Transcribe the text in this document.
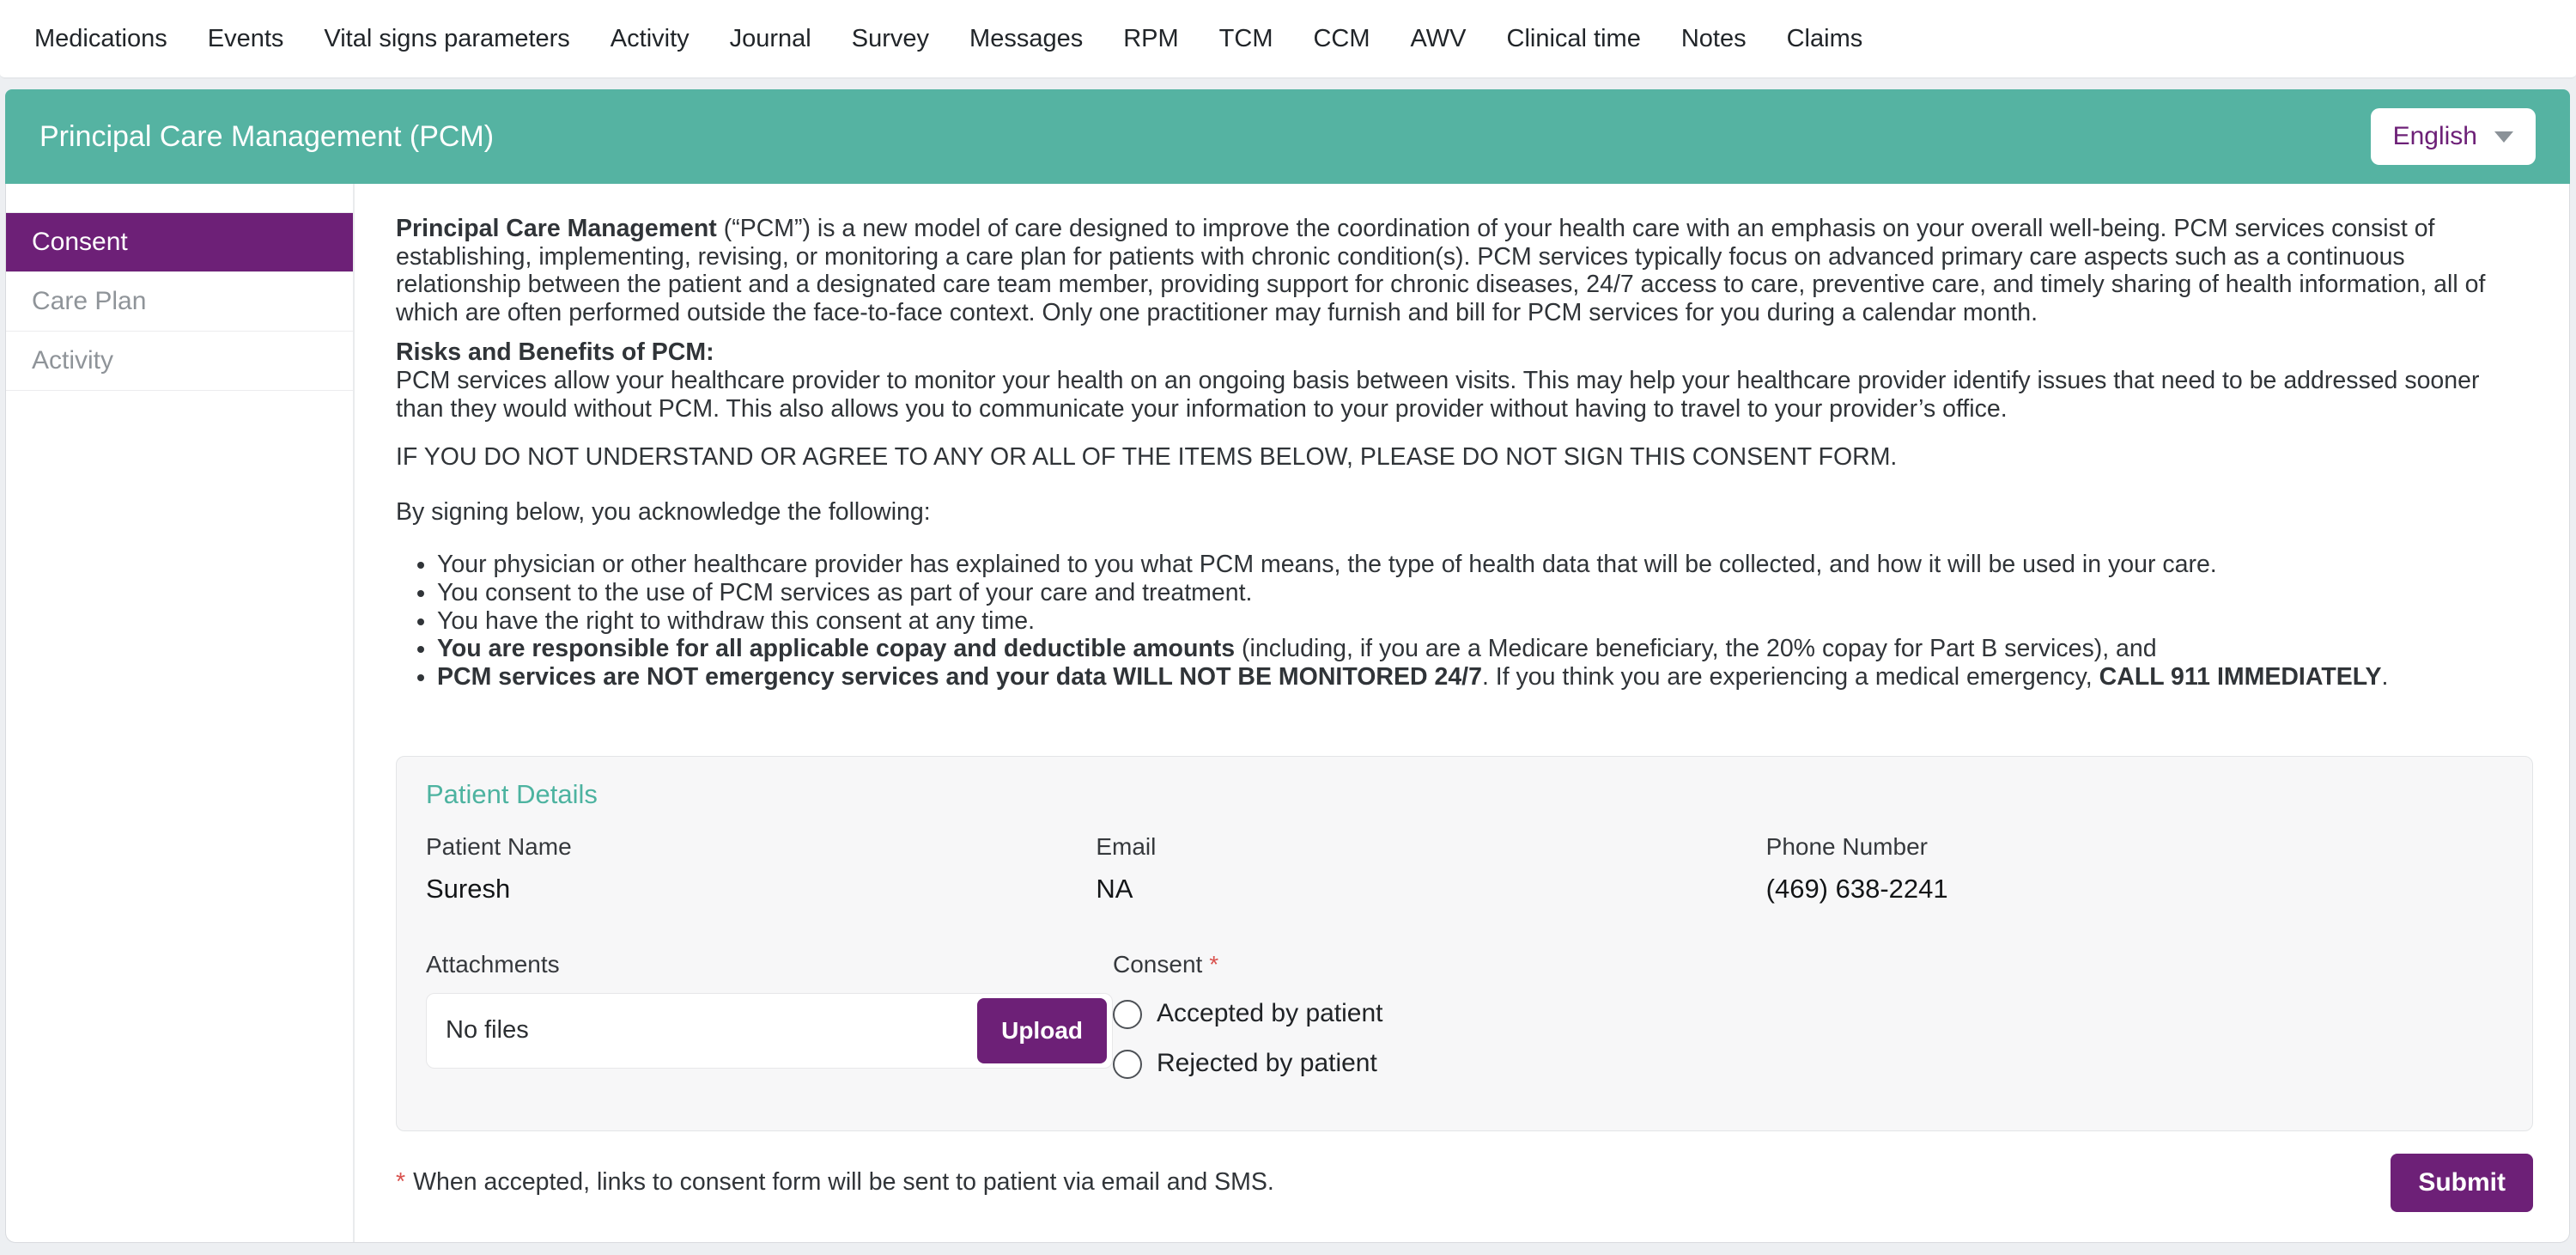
Medications Events Vital signs parameters Activity Journal Survey Messages RPM TCM CCM AWV Clinical time Notes Claims
Principal Care Management (PCM)	English
Consent
Care Plan
Activity

Principal Care Management (“PCM”) is a new model of care designed to improve the coordination of your health care with an emphasis on your overall well-being. PCM services consist of establishing, implementing, revising, or monitoring a care plan for patients with chronic condition(s). PCM services typically focus on advanced primary care aspects such as a continuous relationship between the patient and a designated care team member, providing support for chronic diseases, 24/7 access to care, preventive care, and timely sharing of health information, all of which are often performed outside the face-to-face context. Only one practitioner may furnish and bill for PCM services for you during a calendar month.

Risks and Benefits of PCM:
PCM services allow your healthcare provider to monitor your health on an ongoing basis between visits. This may help your healthcare provider identify issues that need to be addressed sooner than they would without PCM. This also allows you to communicate your information to your provider without having to travel to your provider’s office.
IF YOU DO NOT UNDERSTAND OR AGREE TO ANY OR ALL OF THE ITEMS BELOW, PLEASE DO NOT SIGN THIS CONSENT FORM.
By signing below, you acknowledge the following:
• Your physician or other healthcare provider has explained to you what PCM means, the type of health data that will be collected, and how it will be used in your care.
• You consent to the use of PCM services as part of your care and treatment.
• You have the right to withdraw this consent at any time.
• You are responsible for all applicable copay and deductible amounts (including, if you are a Medicare beneficiary, the 20% copay for Part B services), and
• PCM services are NOT emergency services and your data WILL NOT BE MONITORED 24/7. If you think you are experiencing a medical emergency, CALL 911 IMMEDIATELY.
Patient Details
Patient Name
Suresh
Email
NA
Phone Number
(469) 638-2241
Attachments
No files	Upload
Consent *
Accepted by patient
Rejected by patient
* When accepted, links to consent form will be sent to patient via email and SMS.	Submit
